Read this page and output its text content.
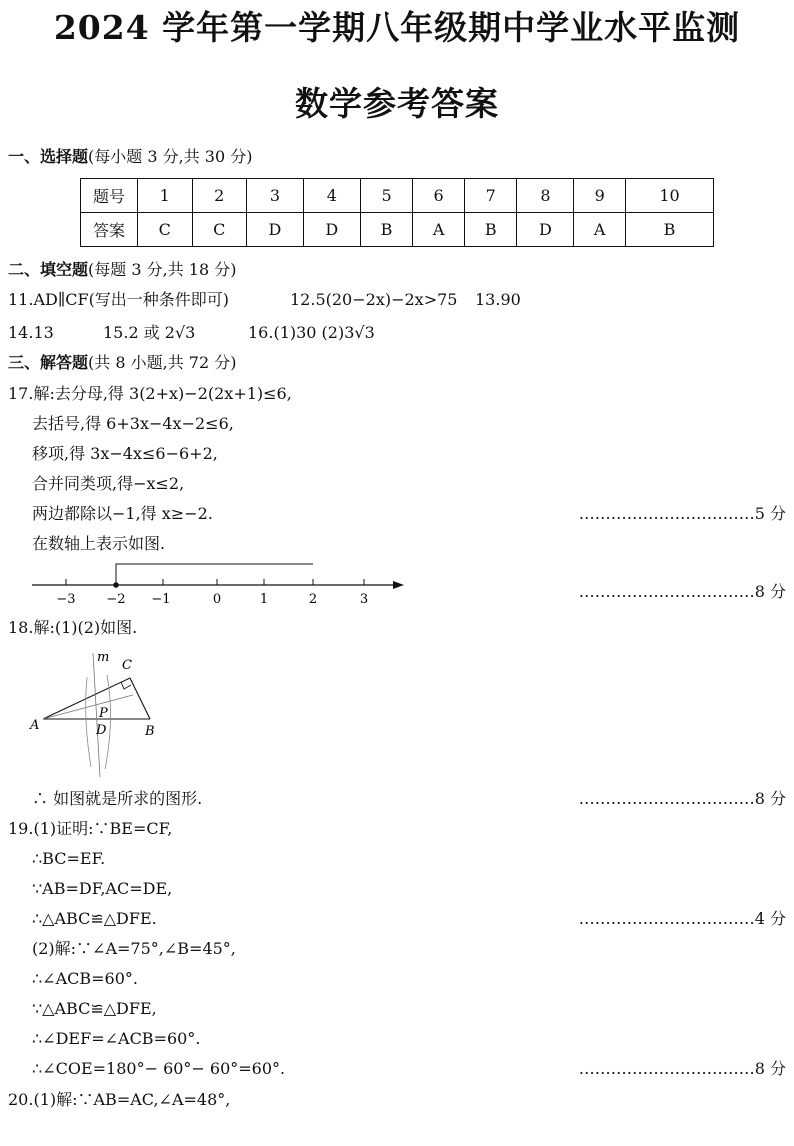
2024 学年第一学期八年级期中学业水平监测
数学参考答案
一、选择题(每小题 3 分,共 30 分)
题号	1	2	3	4	5	6	7	8	9	10
答案	C	C	D	D	B	A	B	D	A	B
二、填空题(每题 3 分,共 18 分)
11.AD∥CF(写出一种条件即可)	12.5(20−2x)−2x>75 13.90
14.13	15.2 或 2√3	16.(1)30 (2)3√3
三、解答题(共 8 小题,共 72 分)
17.解:去分母,得 3(2+x)−2(2x+1)≤6,
去括号,得 6+3x−4x−2≤6,
移项,得 3x−4x≤6−6+2,
合并同类项,得−x≤2,
两边都除以−1,得 x≥−2.	……………………………5 分
在数轴上表示如图.
−3 −2 −1	0	1	2	3	……………………………8 分
18.解:(1)(2)如图.
m
C
A
P
D	B
∴ 如图就是所求的图形.	……………………………8 分
19.(1)证明:∵BE=CF,
∴BC=EF.
∵AB=DF,AC=DE,
∴△ABC≌△DFE.	……………………………4 分
(2)解:∵∠A=75°,∠B=45°,
∴∠ACB=60°.
∵△ABC≌△DFE,
∴∠DEF=∠ACB=60°.
∴∠COE=180°− 60°− 60°=60°.	……………………………8 分
20.(1)解:∵AB=AC,∠A=48°,
